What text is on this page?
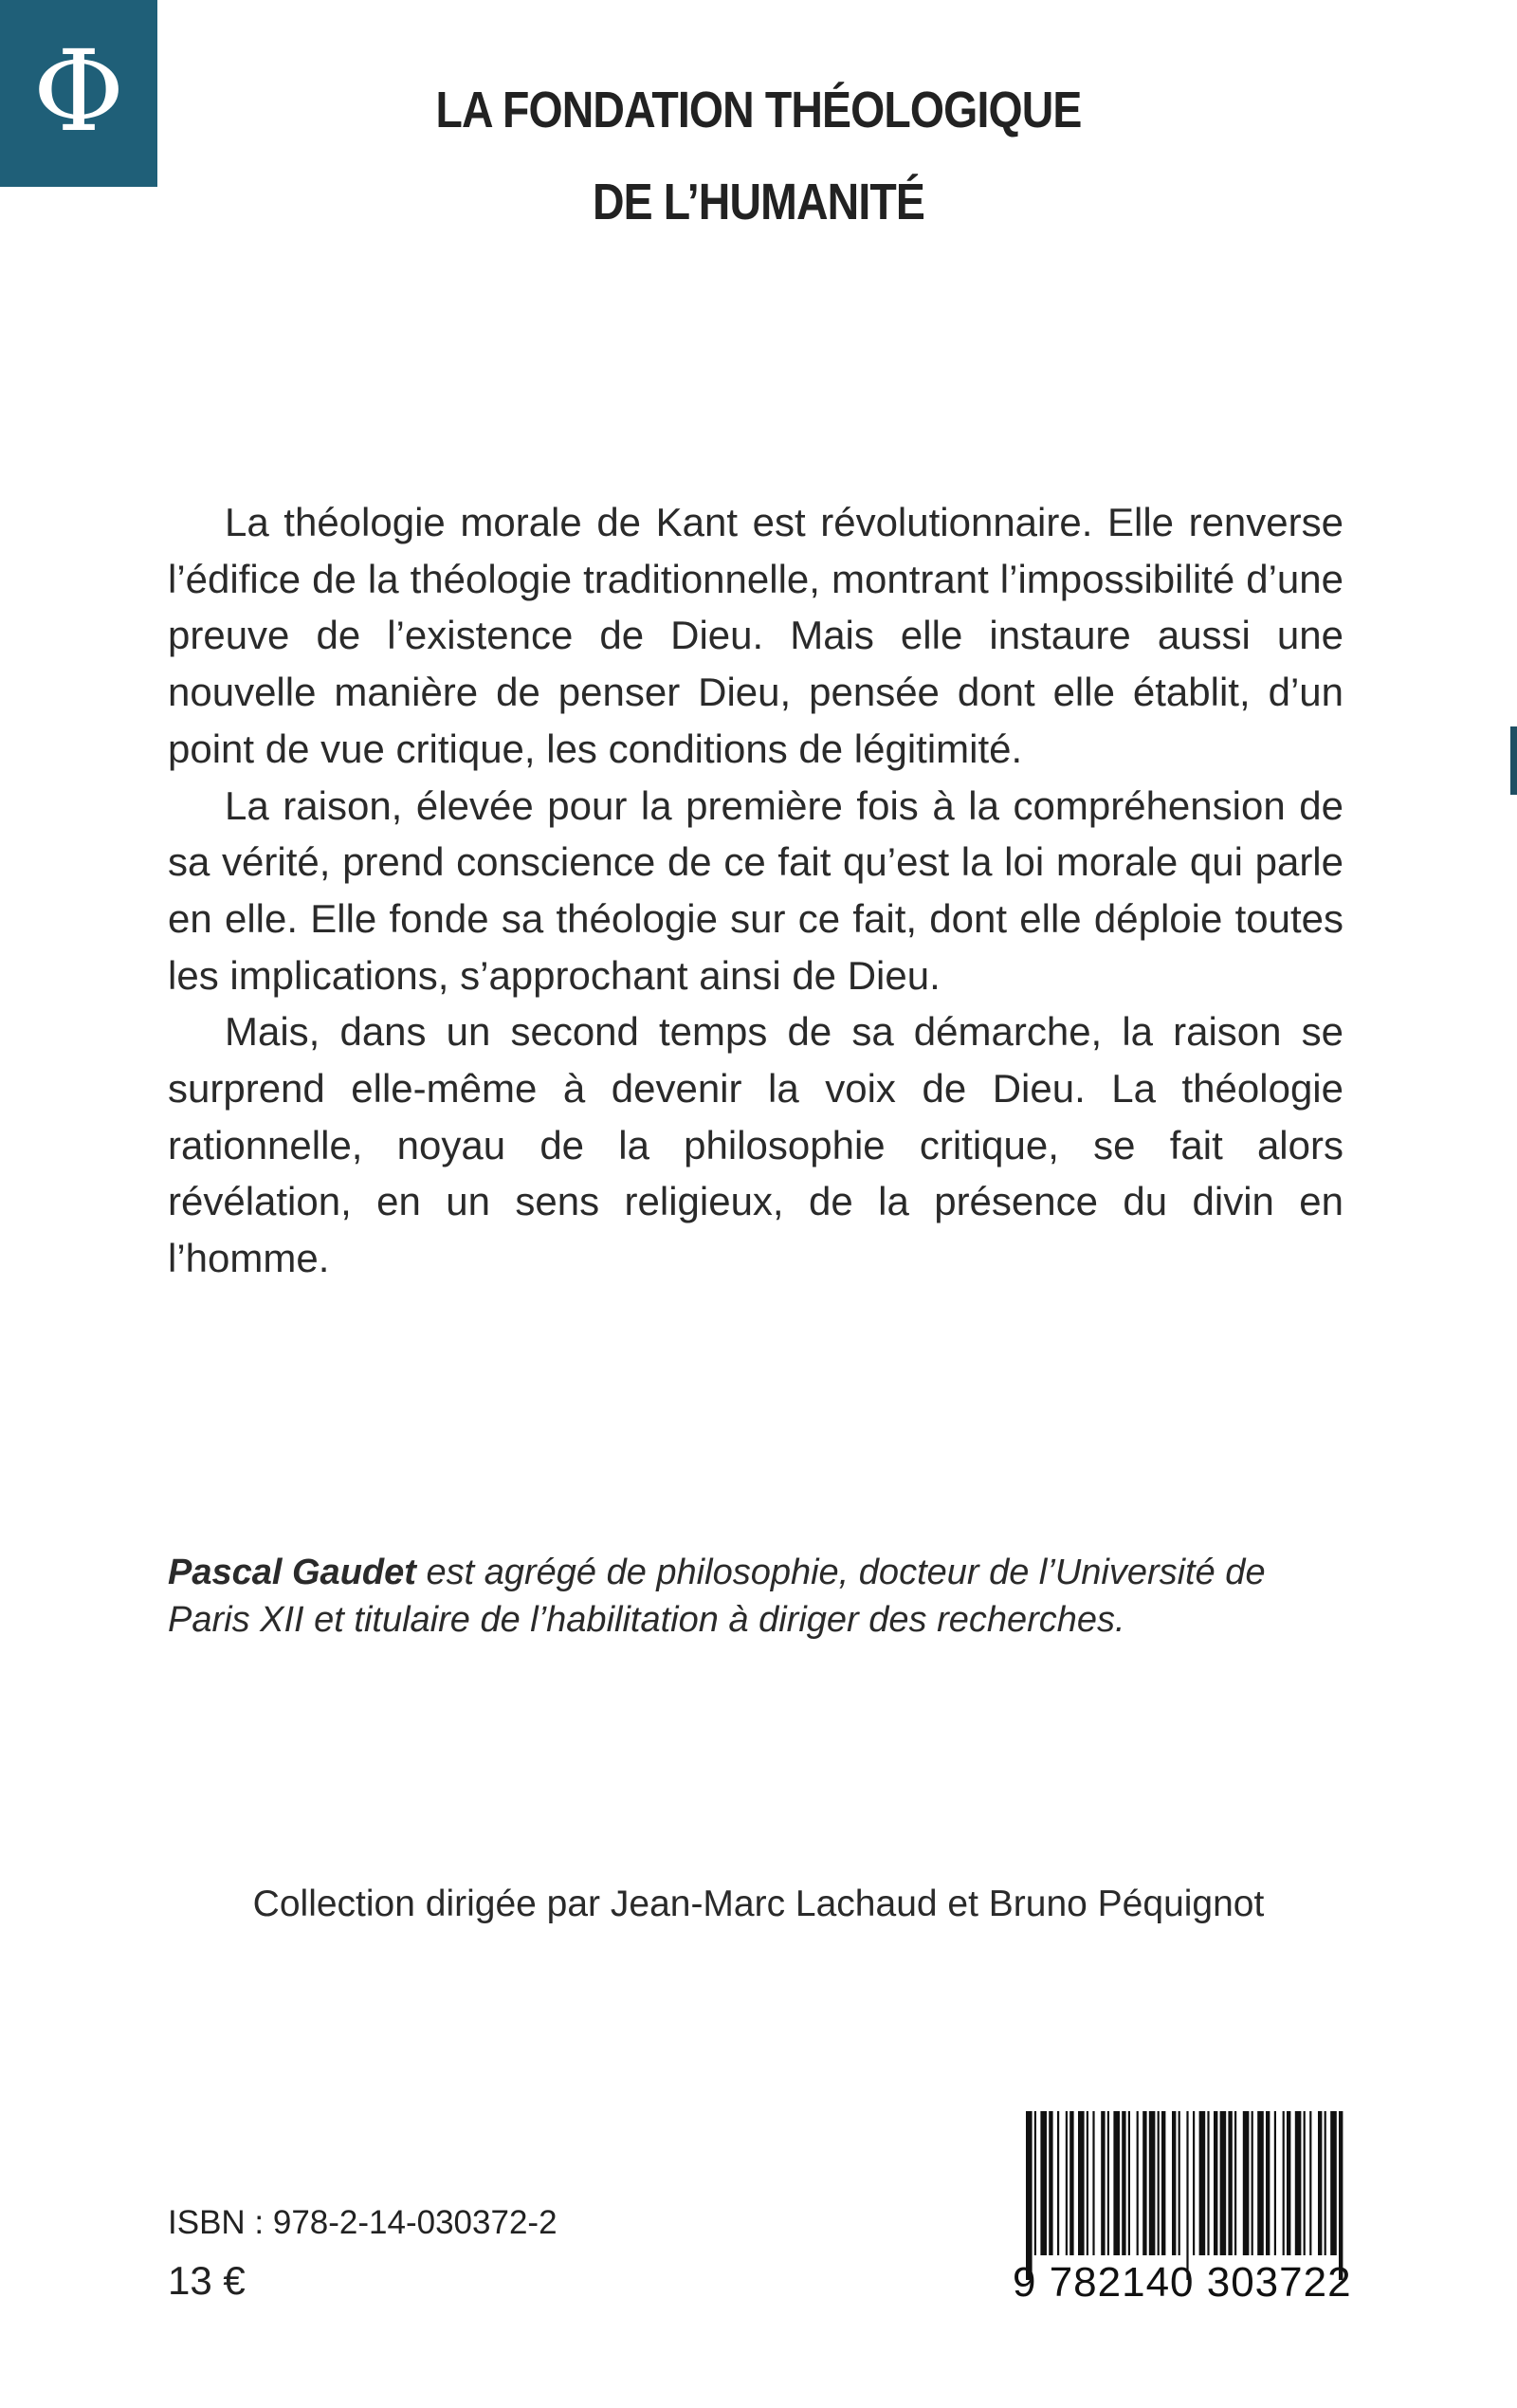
Φ	LA FONDATION THÉOLOGIQUE
DE L’HUMANITÉ

La théologie morale de Kant est révolutionnaire. Elle renverse l’édifice de la théologie traditionnelle, montrant l’impossibilité d’une preuve de l’existence de Dieu. Mais elle instaure aussi une nouvelle manière de penser Dieu, pensée dont elle établit, d’un point de vue critique, les conditions de légitimité.

La raison, élevée pour la première fois à la compréhension de sa vérité, prend conscience de ce fait qu’est la loi morale qui parle en elle. Elle fonde sa théologie sur ce fait, dont elle déploie toutes les implications, s’approchant ainsi de Dieu.

Mais, dans un second temps de sa démarche, la raison se surprend elle-même à devenir la voix de Dieu. La théologie rationnelle, noyau de la philosophie critique, se fait alors révélation, en un sens religieux, de la présence du divin en l’homme.

Pascal Gaudet est agrégé de philosophie, docteur de l’Université de Paris XII et titulaire de l’habilitation à diriger des recherches.
Collection dirigée par Jean-Marc Lachaud et Bruno Péquignot
ISBN : 978-2-14-030372-2
13 €	9 782140 303722
